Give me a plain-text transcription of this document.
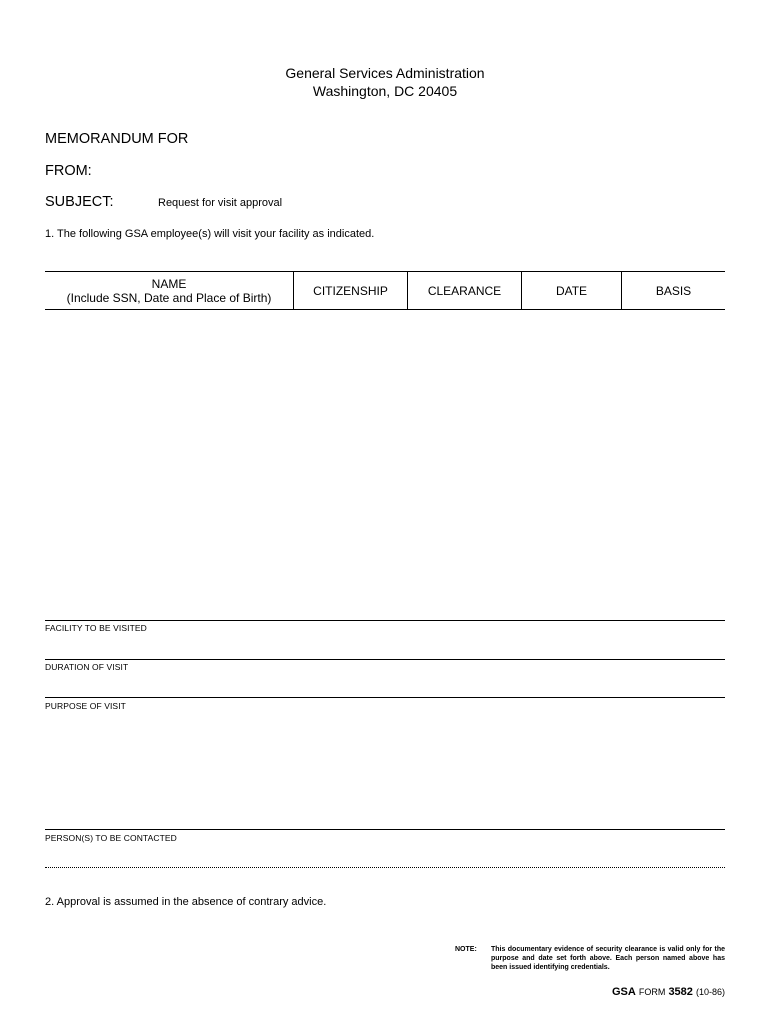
General Services Administration
Washington, DC 20405
MEMORANDUM FOR
FROM:
SUBJECT:	Request for visit approval
1. The following GSA employee(s) will visit your facility as indicated.
NAME
(Include SSN, Date and Place of Birth)	CITIZENSHIP	CLEARANCE	DATE	BASIS
FACILITY TO BE VISITED
DURATION OF VISIT
PURPOSE OF VISIT
PERSON(S) TO BE CONTACTED
2. Approval is assumed in the absence of contrary advice.
NOTE:	This documentary evidence of security clearance is valid only for the purpose and date set forth above. Each person named above has been issued identifying credentials.
GSA FORM 3582 (10-86)
